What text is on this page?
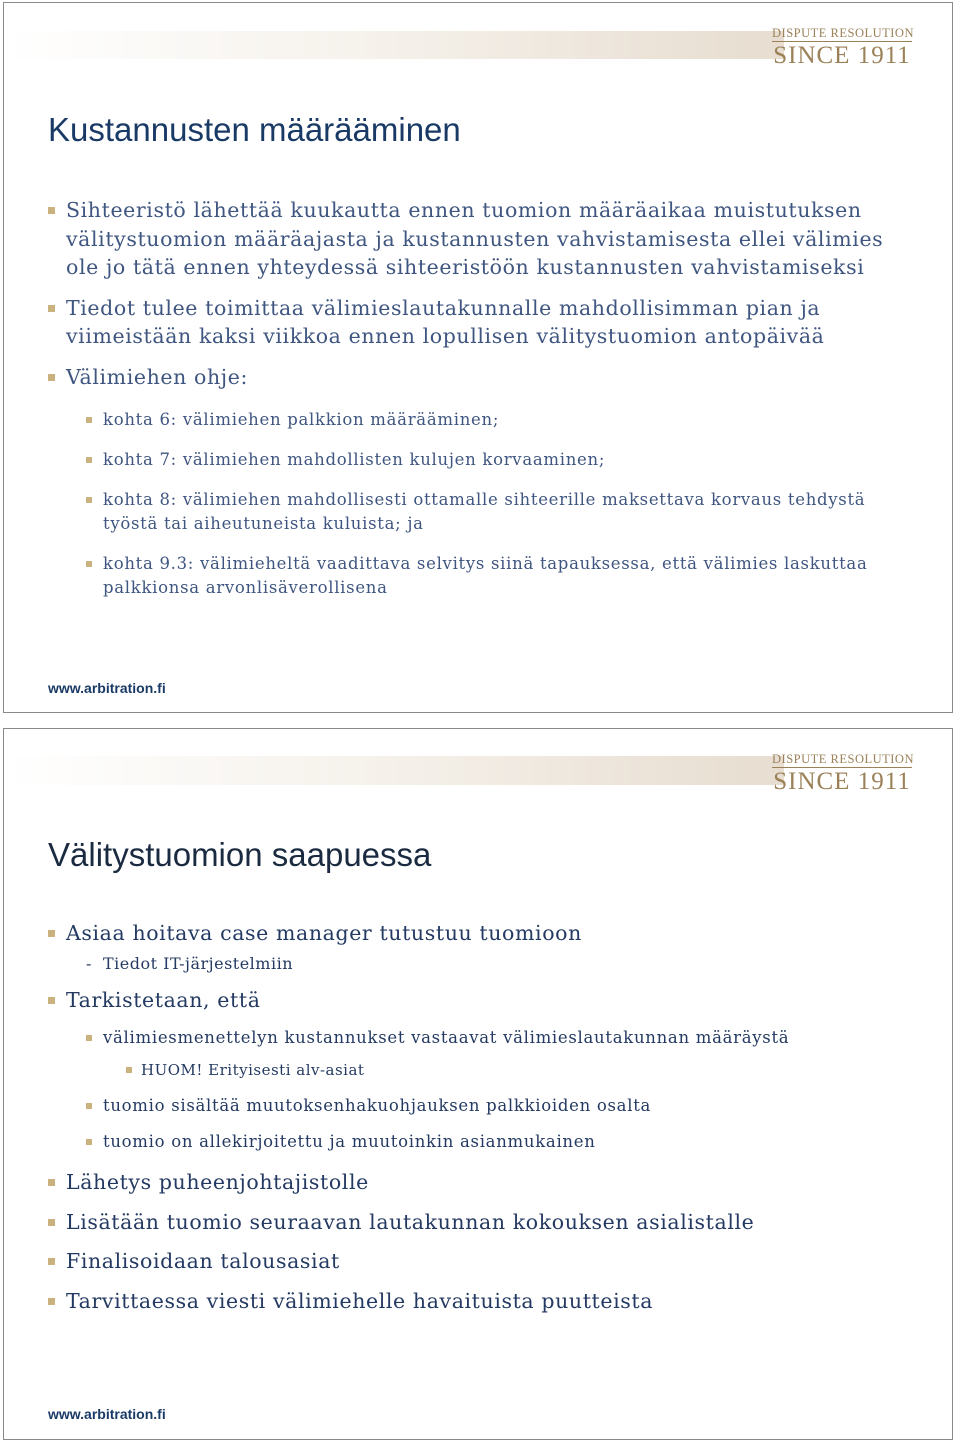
DISPUTE RESOLUTION
SINCE 1911
Kustannusten määrääminen
Sihteeristö lähettää kuukautta ennen tuomion määräaikaa muistutuksen välitystuomion määräajasta ja kustannusten vahvistamisesta ellei välimies ole jo tätä ennen yhteydessä sihteeristöön kustannusten vahvistamiseksi
Tiedot tulee toimittaa välimieslautakunnalle mahdollisimman pian ja viimeistään kaksi viikkoa ennen lopullisen välitystuomion antopäivää
Välimiehen ohje:
kohta 6: välimiehen palkkion määrääminen;
kohta 7: välimiehen mahdollisten kulujen korvaaminen;
kohta 8: välimiehen mahdollisesti ottamalle sihteerille maksettava korvaus tehdystä työstä tai aiheutuneista kuluista; ja
kohta 9.3: välimieheltä vaadittava selvitys siinä tapauksessa, että välimies laskuttaa palkkionsa arvonlisäverollisena
www.arbitration.fi
DISPUTE RESOLUTION
SINCE 1911
Välitystuomion saapuessa
Asiaa hoitava case manager tutustuu tuomioon
- Tiedot IT-järjestelmiin
Tarkistetaan, että
välimiesmenettelyn kustannukset vastaavat välimieslautakunnan määräystä
HUOM! Erityisesti alv-asiat
tuomio sisältää muutoksenhakuohjauksen palkkioiden osalta
tuomio on allekirjoitettu ja muutoinkin asianmukainen
Lähetys puheenjohtajistolle
Lisätään tuomio seuraavan lautakunnan kokouksen asialistalle
Finalisoidaan talousasiat
Tarvittaessa viesti välimiehelle havaituista puutteista
www.arbitration.fi
